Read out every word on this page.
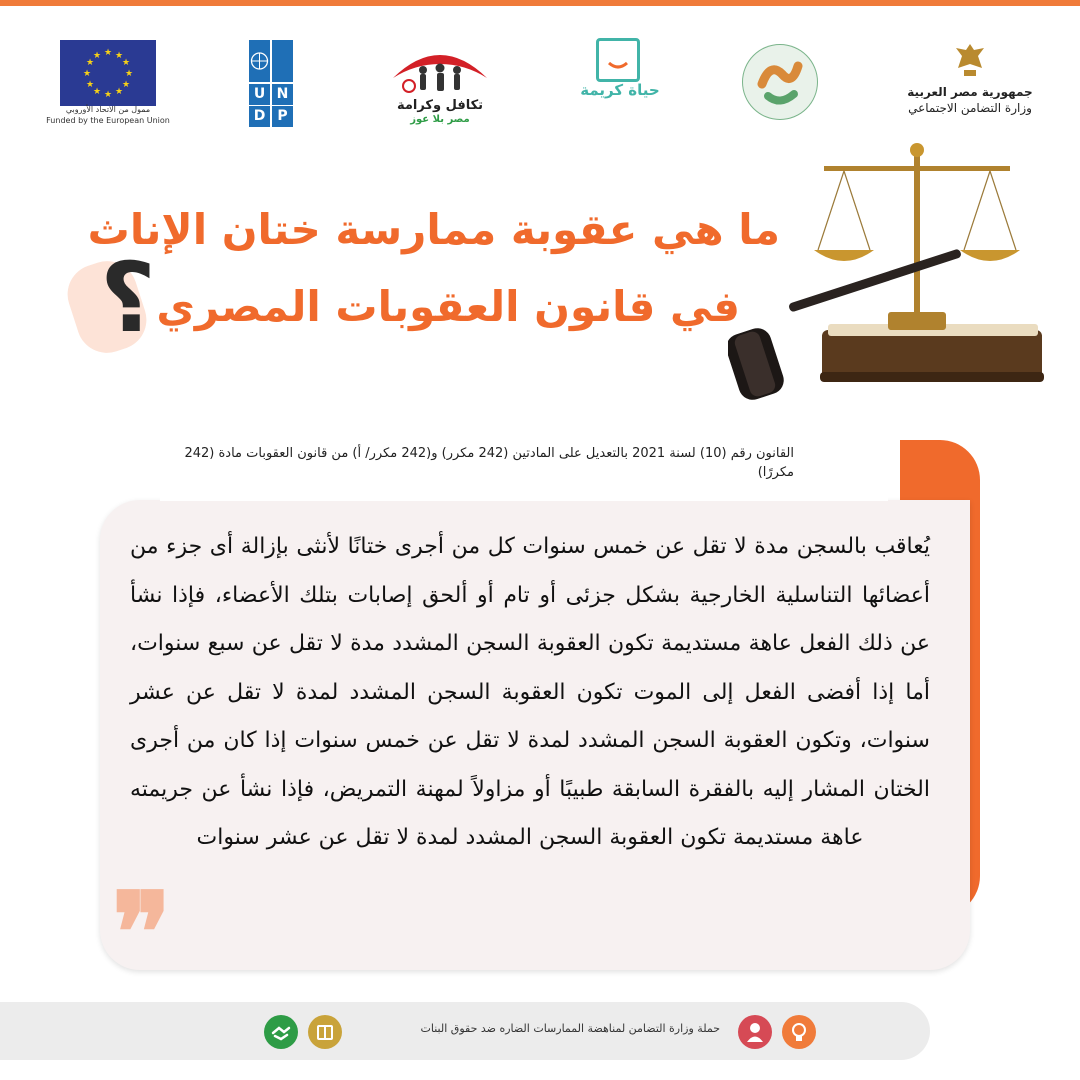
★ ★
★
★
★
★
★
★
★
★
★
★
ممول من الاتحاد الأوروبي
Funded by the European Union
U N
D P
تكافل وكرامة
مصر بلا عوز
حياة كريمة	جمهورية مصر العربية
وزارة التضامن الاجتماعي
ما هي عقوبة ممارسة ختان الإناث
في قانون العقوبات المصري
؟
القانون رقم (10) لسنة 2021 بالتعديل على المادتين (242 مكرر) و(242 مكرر/ أ) من قانون العقوبات مادة (242 مكررًا)
يُعاقب بالسجن مدة لا تقل عن خمس سنوات كل من أجرى ختانًا لأنثى بإزالة أى جزء من أعضائها التناسلية الخارجية بشكل جزئى أو تام أو ألحق إصابات بتلك الأعضاء، فإذا نشأ عن ذلك الفعل عاهة مستديمة تكون العقوبة السجن المشدد مدة لا تقل عن سبع سنوات، أما إذا أفضى الفعل إلى الموت تكون العقوبة السجن المشدد لمدة لا تقل عن عشر سنوات، وتكون العقوبة السجن المشدد لمدة لا تقل عن خمس سنوات إذا كان من أجرى الختان المشار إليه بالفقرة السابقة طبيبًا أو مزاولاً لمهنة التمريض، فإذا نشأ عن جريمته عاهة مستديمة تكون العقوبة السجن المشدد لمدة لا تقل عن عشر سنوات
❞
حملة وزارة التضامن لمناهضة الممارسات الضاره ضد حقوق البنات
